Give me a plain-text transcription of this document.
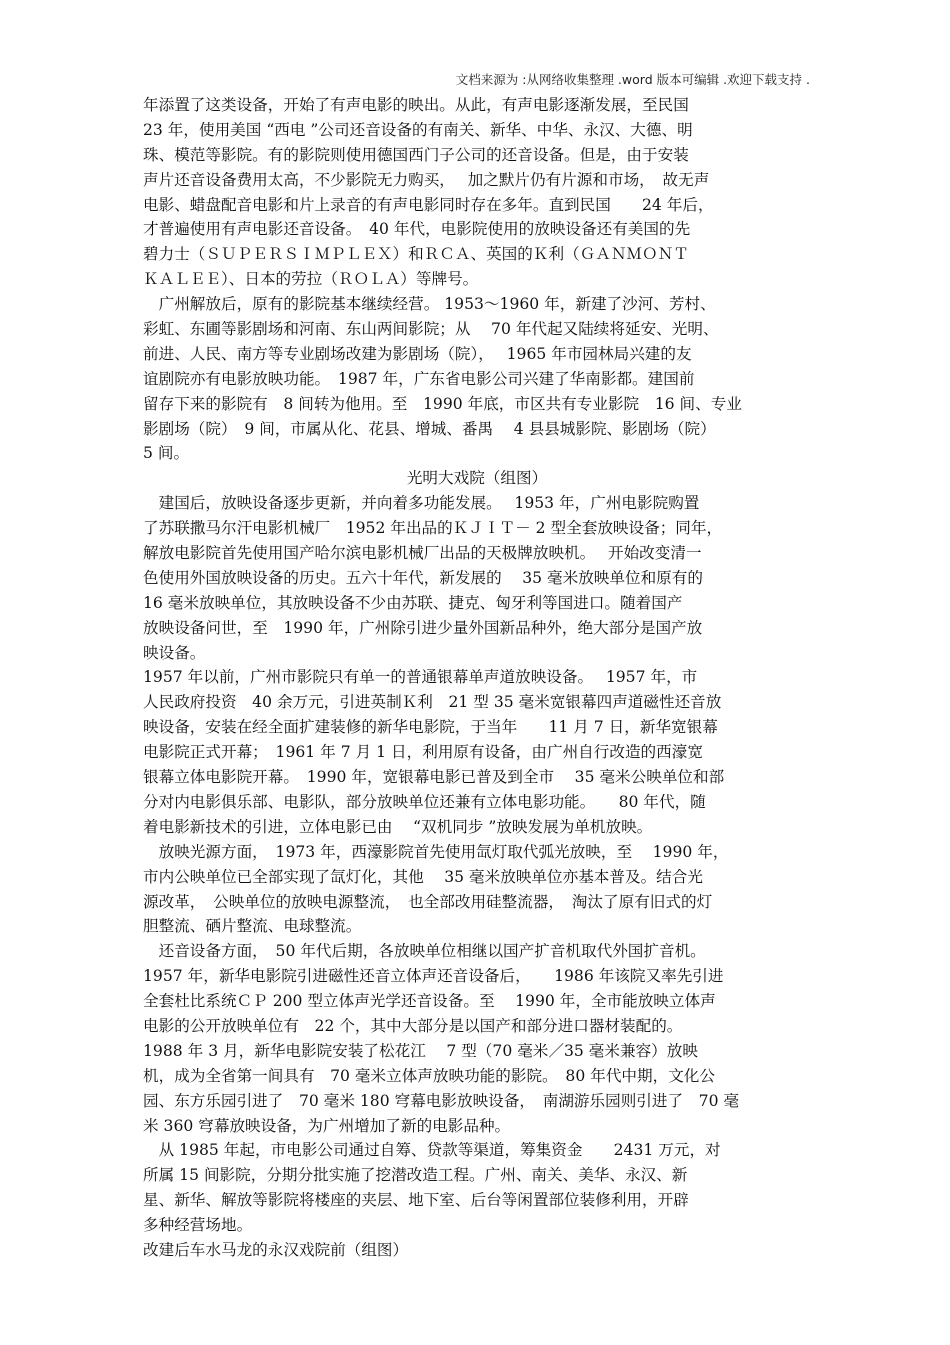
文档来源为 :从网络收集整理 .word 版本可编辑 .欢迎下载支持 .
年添置了这类设备，开始了有声电影的映出。从此，有声电影逐渐发展，至民国
23 年，使用美国 “西电 ”公司还音设备的有南关、新华、中华、永汉、大德、明
珠、模范等影院。有的影院则使用德国西门子公司的还音设备。但是，由于安装
声片还音设备费用太高，不少影院无力购买，　 加之默片仍有片源和市场，　故无声
电影、蜡盘配音电影和片上录音的有声电影同时存在多年。直到民国　　24 年后，
才普遍使用有声电影还音设备。　40 年代，电影院使用的放映设备还有美国的先
碧力士（ＳＵＰＥＲＳＩＭＰＬＥＸ）和ＲＣＡ、英国的Ｋ利（ＧＡＮＭＯＮＴ
ＫＡＬＥＥ）、日本的劳拉（ＲＯＬＡ）等牌号。
　广州解放后，原有的影院基本继续经营。 1953～1960 年，新建了沙河、芳村、
彩虹、东圃等影剧场和河南、东山两间影院；从　 70 年代起又陆续将延安、光明、
前进、人民、南方等专业剧场改建为影剧场（院），　 1965 年市园林局兴建的友
谊剧院亦有电影放映功能。　1987 年，广东省电影公司兴建了华南影都。建国前
留存下来的影院有　8 间转为他用。至　1990 年底，市区共有专业影院　16 间、专业
影剧场（院）　9 间，市属从化、花县、增城、番禺　 4 县县城影院、影剧场（院）
5 间。
光明大戏院（组图）
　建国后，放映设备逐步更新，并向着多功能发展。　 1953 年，广州电影院购置
了苏联撒马尔汗电影机械厂　1952 年出品的ＫＪＩＴ－ 2 型全套放映设备；同年，
解放电影院首先使用国产哈尔滨电影机械厂出品的天极牌放映机。　 开始改变清一
色使用外国放映设备的历史。五六十年代，新发展的　 35 毫米放映单位和原有的
16 毫米放映单位，其放映设备不少由苏联、捷克、匈牙利等国进口。随着国产
放映设备问世，至　1990 年，广州除引进少量外国新品种外，绝大部分是国产放
映设备。
1957 年以前，广州市影院只有单一的普通银幕单声道放映设备。　 1957 年，市
人民政府投资　40 余万元，引进英制Ｋ利　21 型 35 毫米宽银幕四声道磁性还音放
映设备，安装在经全面扩建装修的新华电影院，于当年　　11 月 7 日，新华宽银幕
电影院正式开幕；　1961 年 7 月 1 日，利用原有设备，由广州自行改造的西濠宽
银幕立体电影院开幕。　1990 年，宽银幕电影已普及到全市　 35 毫米公映单位和部
分对内电影俱乐部、电影队，部分放映单位还兼有立体电影功能。　　80 年代，随
着电影新技术的引进，立体电影已由　 “双机同步 ”放映发展为单机放映。
　放映光源方面，　1973 年，西濠影院首先使用氙灯取代弧光放映，至　 1990 年，
市内公映单位已全部实现了氙灯化，其他　 35 毫米放映单位亦基本普及。结合光
源改革，　公映单位的放映电源整流，　也全部改用硅整流器，　淘汰了原有旧式的灯
胆整流、硒片整流、电球整流。
　还音设备方面，　50 年代后期，各放映单位相继以国产扩音机取代外国扩音机。
1957 年，新华电影院引进磁性还音立体声还音设备后，　　1986 年该院又率先引进
全套杜比系统ＣＰ 200 型立体声光学还音设备。至　 1990 年，全市能放映立体声
电影的公开放映单位有　22 个，其中大部分是以国产和部分进口器材装配的。
1988 年 3 月，新华电影院安装了松花江　 7 型（70 毫米／35 毫米兼容）放映
机，成为全省第一间具有　70 毫米立体声放映功能的影院。　80 年代中期，文化公
园、东方乐园引进了　70 毫米 180 穹幕电影放映设备，　南湖游乐园则引进了　70 毫
米 360 穹幕放映设备，为广州增加了新的电影品种。
　从 1985 年起，市电影公司通过自筹、贷款等渠道，筹集资金　　2431 万元，对
所属 15 间影院，分期分批实施了挖潜改造工程。广州、南关、美华、永汉、新
星、新华、解放等影院将楼座的夹层、地下室、后台等闲置部位装修利用，开辟
多种经营场地。
改建后车水马龙的永汉戏院前（组图）
